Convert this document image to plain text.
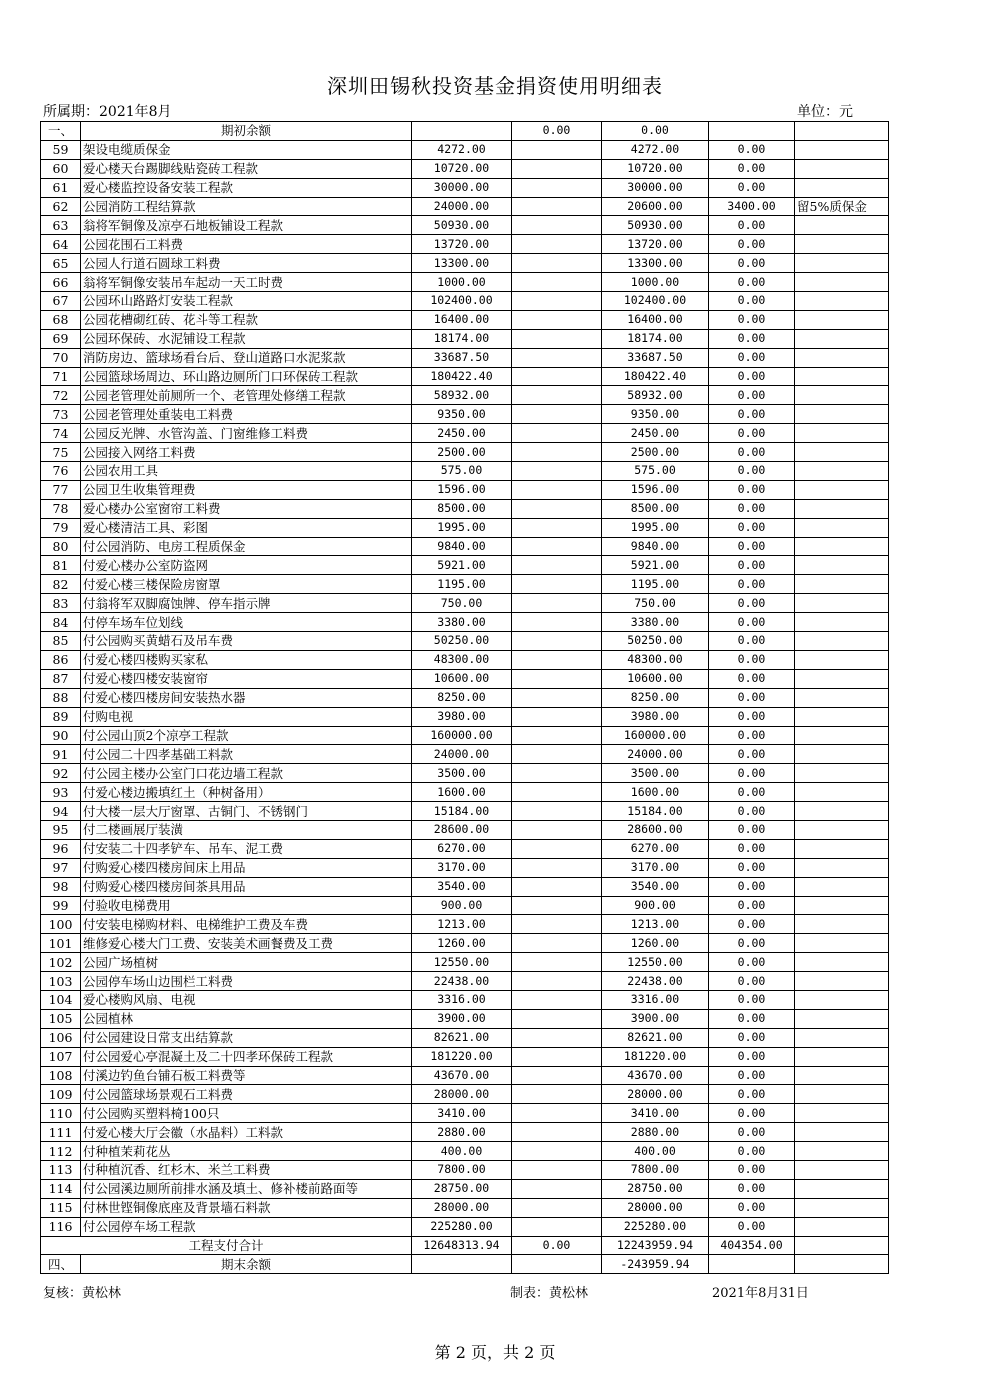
深圳田锡秋投资基金捐资使用明细表
所属期：2021年8月	单位：元
一、	期初余额		0.00	0.00		
59	架设电缆质保金	4272.00		4272.00	0.00	
60	爱心楼天台踢脚线贴瓷砖工程款	10720.00		10720.00	0.00	
61	爱心楼监控设备安装工程款	30000.00		30000.00	0.00	
62	公园消防工程结算款	24000.00		20600.00	3400.00	留5%质保金
63	翁将军铜像及凉亭石地板铺设工程款	50930.00		50930.00	0.00	
64	公园花围石工料费	13720.00		13720.00	0.00	
65	公园人行道石圆球工料费	13300.00		13300.00	0.00	
66	翁将军铜像安装吊车起动一天工时费	1000.00		1000.00	0.00	
67	公园环山路路灯安装工程款	102400.00		102400.00	0.00	
68	公园花槽砌红砖、花斗等工程款	16400.00		16400.00	0.00	
69	公园环保砖、水泥铺设工程款	18174.00		18174.00	0.00	
70	消防房边、篮球场看台后、登山道路口水泥浆款	33687.50		33687.50	0.00	
71	公园篮球场周边、环山路边厕所门口环保砖工程款	180422.40		180422.40	0.00	
72	公园老管理处前厕所一个、老管理处修缮工程款	58932.00		58932.00	0.00	
73	公园老管理处重装电工料费	9350.00		9350.00	0.00	
74	公园反光牌、水管沟盖、门窗维修工料费	2450.00		2450.00	0.00	
75	公园接入网络工料费	2500.00		2500.00	0.00	
76	公园农用工具	575.00		575.00	0.00	
77	公园卫生收集管理费	1596.00		1596.00	0.00	
78	爱心楼办公室窗帘工料费	8500.00		8500.00	0.00	
79	爱心楼清洁工具、彩图	1995.00		1995.00	0.00	
80	付公园消防、电房工程质保金	9840.00		9840.00	0.00	
81	付爱心楼办公室防盗网	5921.00		5921.00	0.00	
82	付爱心楼三楼保险房窗罩	1195.00		1195.00	0.00	
83	付翁将军双脚腐蚀牌、停车指示牌	750.00		750.00	0.00	
84	付停车场车位划线	3380.00		3380.00	0.00	
85	付公园购买黄蜡石及吊车费	50250.00		50250.00	0.00	
86	付爱心楼四楼购买家私	48300.00		48300.00	0.00	
87	付爱心楼四楼安装窗帘	10600.00		10600.00	0.00	
88	付爱心楼四楼房间安装热水器	8250.00		8250.00	0.00	
89	付购电视	3980.00		3980.00	0.00	
90	付公园山顶2个凉亭工程款	160000.00		160000.00	0.00	
91	付公园二十四孝基础工料款	24000.00		24000.00	0.00	
92	付公园主楼办公室门口花边墙工程款	3500.00		3500.00	0.00	
93	付爱心楼边搬填红土（种树备用）	1600.00		1600.00	0.00	
94	付大楼一层大厅窗罩、古铜门、不锈钢门	15184.00		15184.00	0.00	
95	付二楼画展厅装潢	28600.00		28600.00	0.00	
96	付安装二十四孝铲车、吊车、泥工费	6270.00		6270.00	0.00	
97	付购爱心楼四楼房间床上用品	3170.00		3170.00	0.00	
98	付购爱心楼四楼房间茶具用品	3540.00		3540.00	0.00	
99	付验收电梯费用	900.00		900.00	0.00	
100	付安装电梯购材料、电梯维护工费及车费	1213.00		1213.00	0.00	
101	维修爱心楼大门工费、安装美术画餐费及工费	1260.00		1260.00	0.00	
102	公园广场植树	12550.00		12550.00	0.00	
103	公园停车场山边围栏工料费	22438.00		22438.00	0.00	
104	爱心楼购风扇、电视	3316.00		3316.00	0.00	
105	公园植林	3900.00		3900.00	0.00	
106	付公园建设日常支出结算款	82621.00		82621.00	0.00	
107	付公园爱心亭混凝土及二十四孝环保砖工程款	181220.00		181220.00	0.00	
108	付溪边钓鱼台铺石板工料费等	43670.00		43670.00	0.00	
109	付公园篮球场景观石工料费	28000.00		28000.00	0.00	
110	付公园购买塑料椅100只	3410.00		3410.00	0.00	
111	付爱心楼大厅会徽（水晶料）工料款	2880.00		2880.00	0.00	
112	付种植茉莉花丛	400.00		400.00	0.00	
113	付种植沉香、红杉木、米兰工料费	7800.00		7800.00	0.00	
114	付公园溪边厕所前排水涵及填土、修补楼前路面等	28750.00		28750.00	0.00	
115	付林世铿铜像底座及背景墙石料款	28000.00		28000.00	0.00	
116	付公园停车场工程款	225280.00		225280.00	0.00	
工程支付合计		12648313.94	0.00	12243959.94	404354.00	
四、	期末余额			-243959.94		
复核：黄松林	制表：黄松林	2021年8月31日
第 2 页，共 2 页
